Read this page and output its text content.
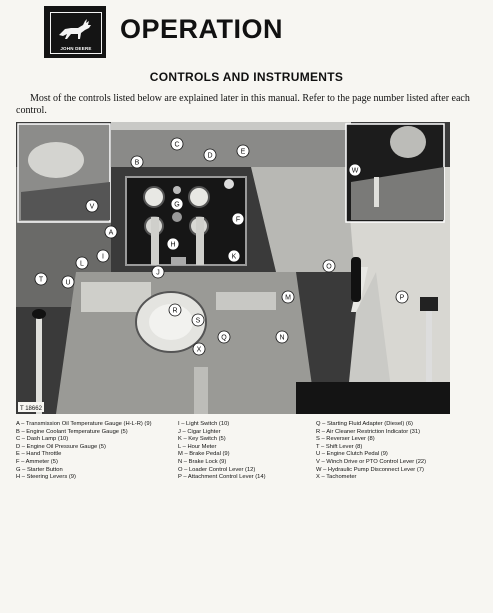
JOHN DEERE
OPERATION
CONTROLS AND INSTRUMENTS
Most of the controls listed below are explained later in this manual. Refer to the page number listed after each control.
T 18662
A
B
C
D
E
F
G
H
I
J
K
L
M
N
O
P
Q
R
S
T	U
V
W
X
A – Transmission Oil Temperature Gauge (H-L-R) (9)
B – Engine Coolant Temperature Gauge (5)
C – Dash Lamp (10)
D – Engine Oil Pressure Gauge (5)
E – Hand Throttle
F – Ammeter (5)
G – Starter Button
H – Steering Levers (9)
I – Light Switch (10)
J – Cigar Lighter
K – Key Switch (5)
L – Hour Meter
M – Brake Pedal (9)
N – Brake Lock (9)
O – Loader Control Lever (12)
P – Attachment Control Lever (14)
Q – Starting Fluid Adapter (Diesel) (6)
R – Air Cleaner Restriction Indicator (31)
S – Reverser Lever (8)
T – Shift Lever (8)
U – Engine Clutch Pedal (9)
V – Winch Drive or PTO Control Lever (22)
W – Hydraulic Pump Disconnect Lever (7)
X – Tachometer
